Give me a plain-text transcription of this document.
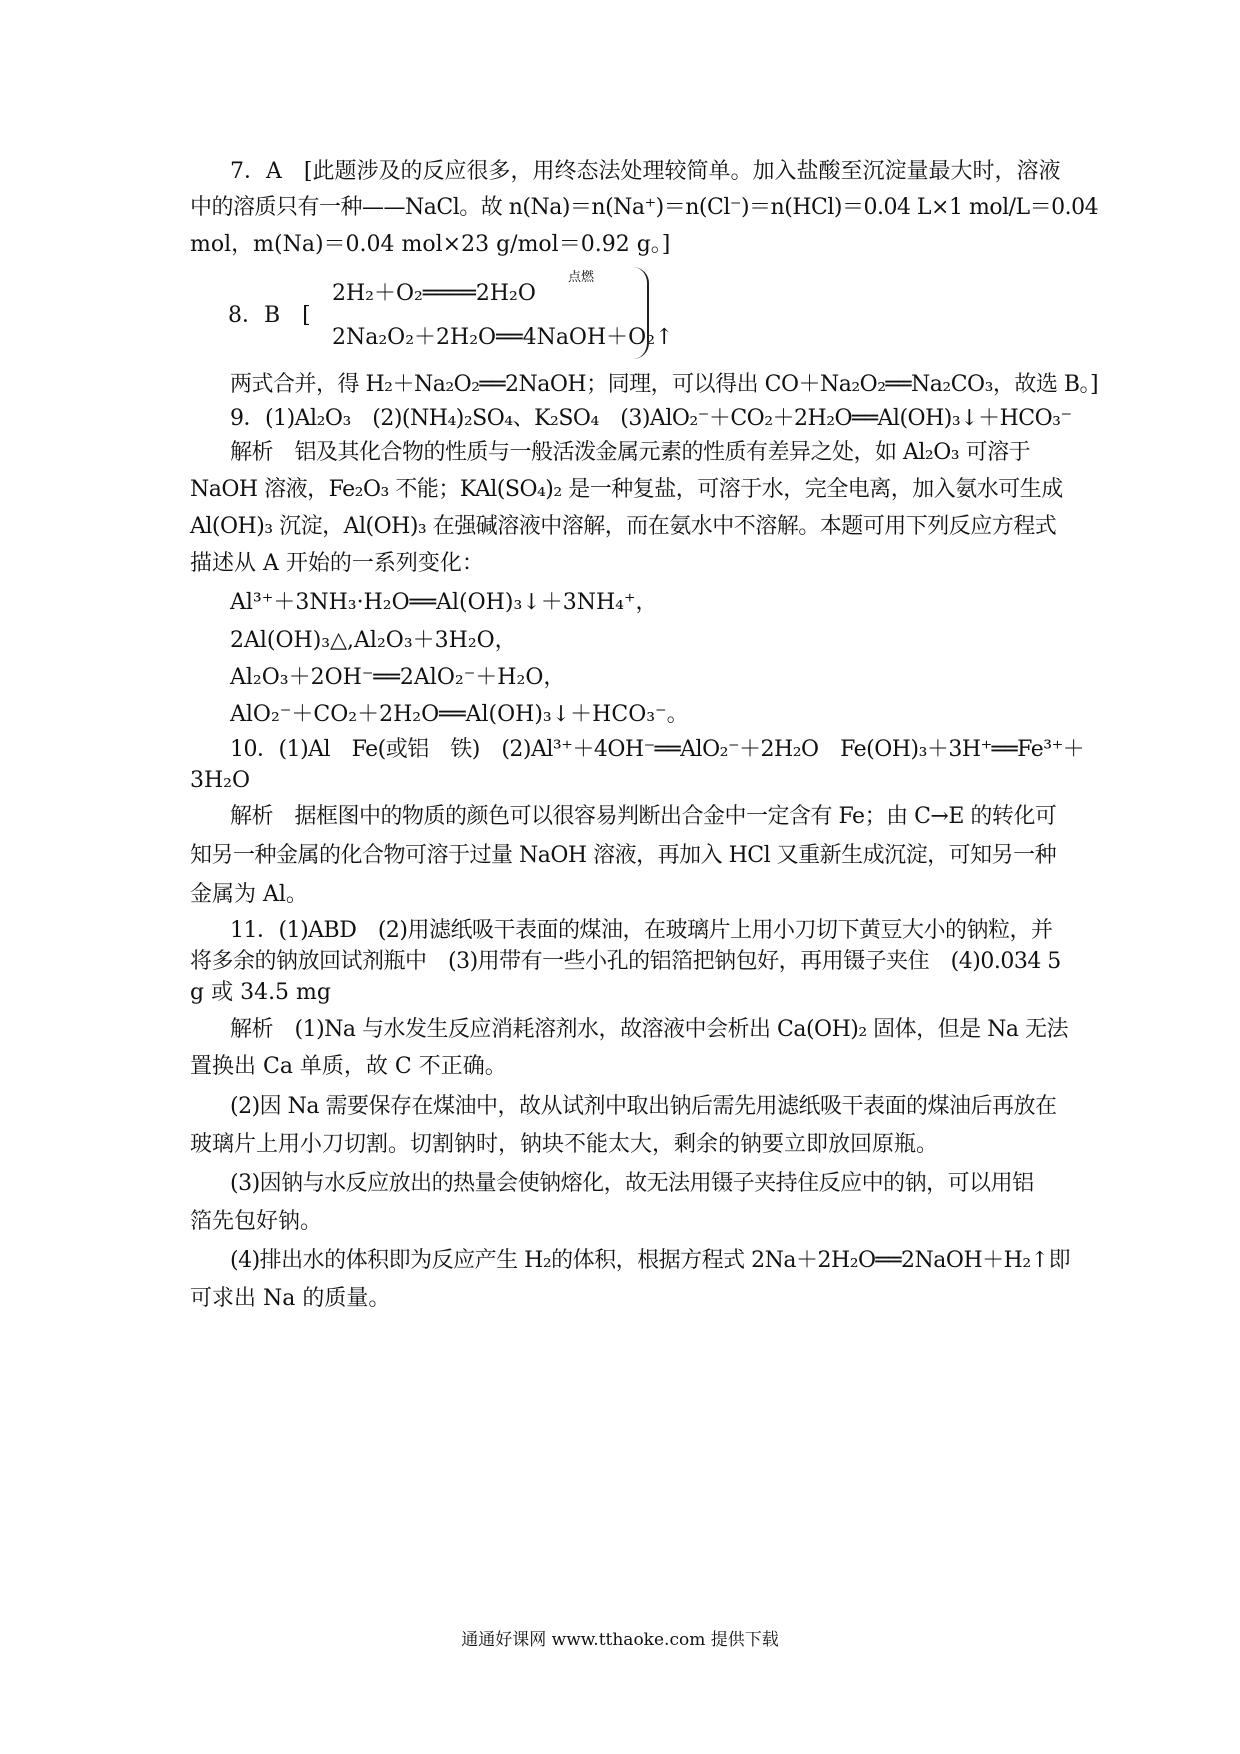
7．A　[此题涉及的反应很多，用终态法处理较简单。加入盐酸至沉淀量最大时，溶液
中的溶质只有一种——NaCl。故 n(Na)＝n(Na⁺)＝n(Cl⁻)＝n(HCl)＝0.04 L×1 mol/L＝0.04
mol，m(Na)＝0.04 mol×23 g/mol＝0.92 g。]
8．B　[
2H₂＋O₂════2H₂O
点燃
2Na₂O₂＋2H₂O══4NaOH＋O₂↑
两式合并，得 H₂＋Na₂O₂══2NaOH；同理，可以得出 CO＋Na₂O₂══Na₂CO₃，故选 B。]
9．(1)Al₂O₃　(2)(NH₄)₂SO₄、K₂SO₄　(3)AlO₂⁻＋CO₂＋2H₂O══Al(OH)₃↓＋HCO₃⁻
解析　铝及其化合物的性质与一般活泼金属元素的性质有差异之处，如 Al₂O₃ 可溶于
NaOH 溶液，Fe₂O₃ 不能；KAl(SO₄)₂ 是一种复盐，可溶于水，完全电离，加入氨水可生成
Al(OH)₃ 沉淀，Al(OH)₃ 在强碱溶液中溶解，而在氨水中不溶解。本题可用下列反应方程式
描述从 A 开始的一系列变化：
Al³⁺＋3NH₃·H₂O══Al(OH)₃↓＋3NH₄⁺，
2Al(OH)₃△,Al₂O₃＋3H₂O，
Al₂O₃＋2OH⁻══2AlO₂⁻＋H₂O，
AlO₂⁻＋CO₂＋2H₂O══Al(OH)₃↓＋HCO₃⁻。
10．(1)Al　Fe(或铝　铁)　(2)Al³⁺＋4OH⁻══AlO₂⁻＋2H₂O　Fe(OH)₃＋3H⁺══Fe³⁺＋
3H₂O
解析　据框图中的物质的颜色可以很容易判断出合金中一定含有 Fe；由 C→E 的转化可
知另一种金属的化合物可溶于过量 NaOH 溶液，再加入 HCl 又重新生成沉淀，可知另一种
金属为 Al。
11．(1)ABD　(2)用滤纸吸干表面的煤油，在玻璃片上用小刀切下黄豆大小的钠粒，并
将多余的钠放回试剂瓶中　(3)用带有一些小孔的铝箔把钠包好，再用镊子夹住　(4)0.034 5
g 或 34.5 mg
解析　(1)Na 与水发生反应消耗溶剂水，故溶液中会析出 Ca(OH)₂ 固体，但是 Na 无法
置换出 Ca 单质，故 C 不正确。
(2)因 Na 需要保存在煤油中，故从试剂中取出钠后需先用滤纸吸干表面的煤油后再放在
玻璃片上用小刀切割。切割钠时，钠块不能太大，剩余的钠要立即放回原瓶。
(3)因钠与水反应放出的热量会使钠熔化，故无法用镊子夹持住反应中的钠，可以用铝
箔先包好钠。
(4)排出水的体积即为反应产生 H₂的体积，根据方程式 2Na＋2H₂O══2NaOH＋H₂↑即
可求出 Na 的质量。
通通好课网 www.tthaoke.com 提供下载
